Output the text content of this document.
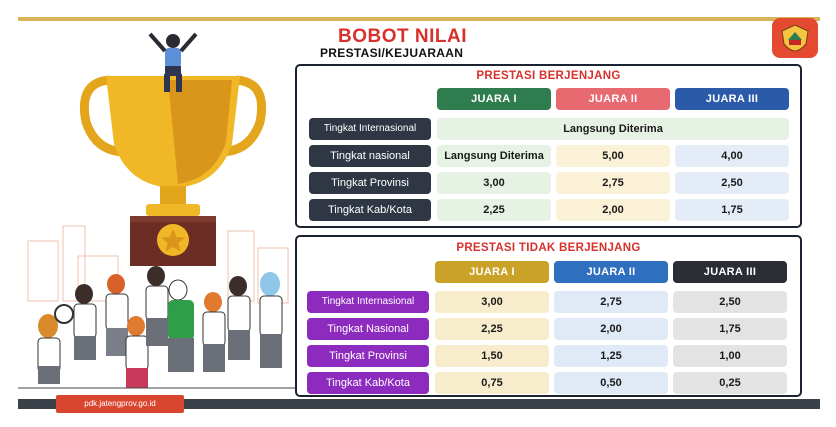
BOBOT NILAI
PRESTASI/KEJUARAAN
PRESTASI BERJENJANG
JUARA I	JUARA II	JUARA III
Tingkat Internasional	Langsung Diterima
Tingkat nasional	Langsung Diterima	5,00	4,00
Tingkat Provinsi	3,00	2,75	2,50
Tingkat Kab/Kota	2,25	2,00	1,75
PRESTASI TIDAK BERJENJANG
JUARA I	JUARA II	JUARA III
Tingkat Internasional	3,00	2,75	2,50
Tingkat Nasional	2,25	2,00	1,75
Tingkat Provinsi	1,50	1,25	1,00
Tingkat Kab/Kota	0,75	0,50	0,25
pdk.jatengprov.go.id
